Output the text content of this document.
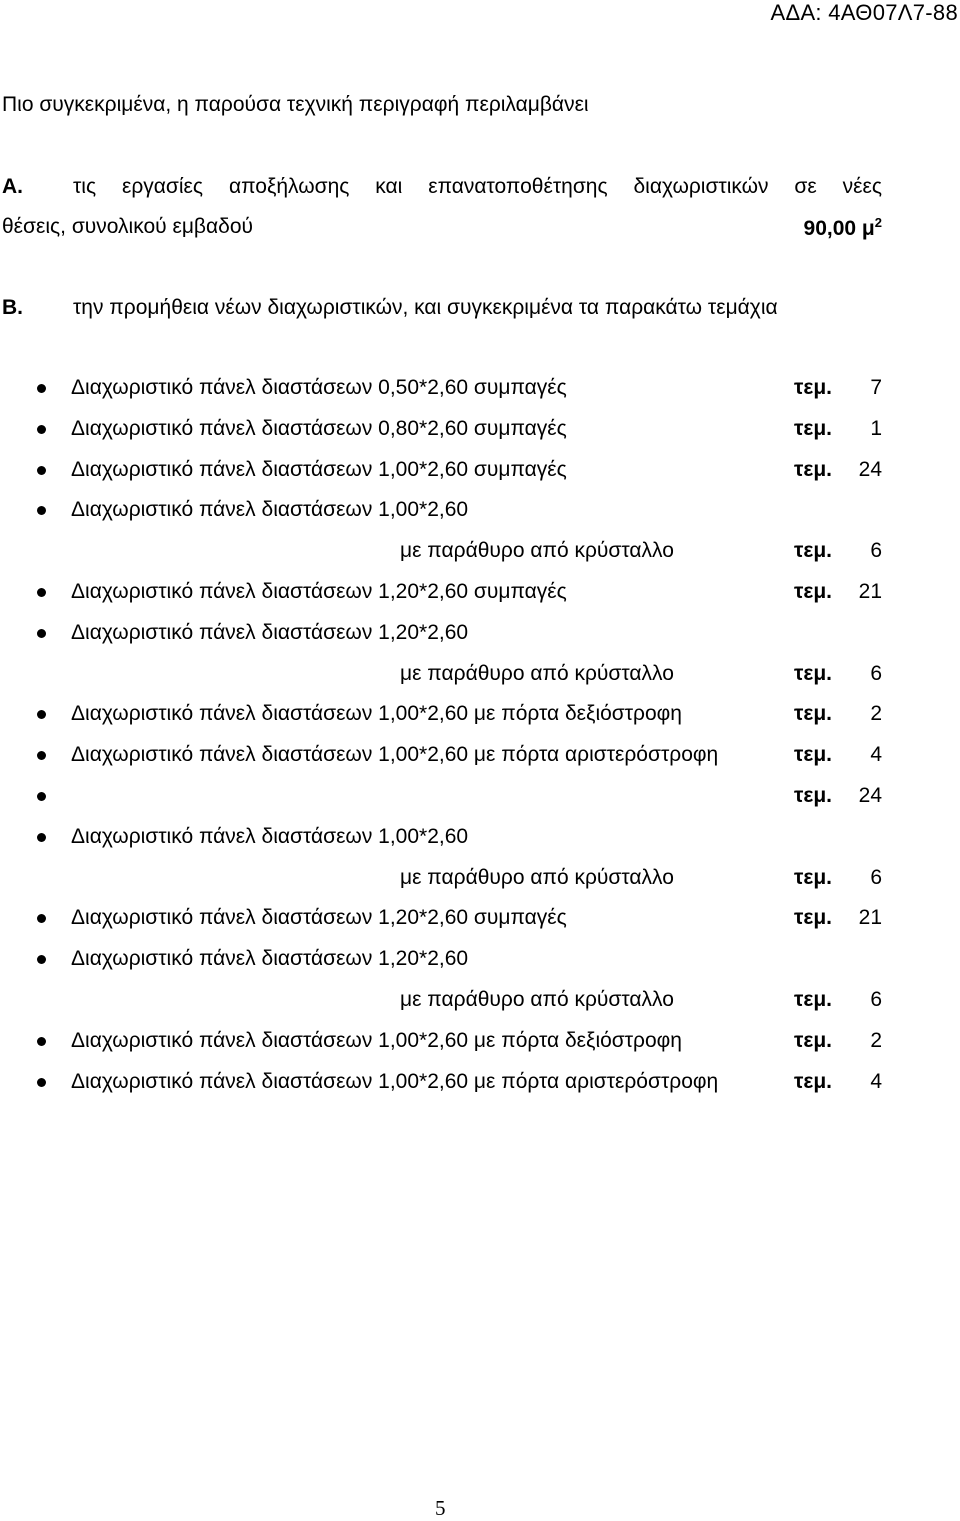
ΑΔΑ: 4ΑΘ07Λ7-88
Πιο συγκεκριμένα, η παρούσα τεχνική περιγραφή περιλαμβάνει
Α. τις εργασίες αποξήλωσης και επανατοποθέτησης διαχωριστικών σε νέες
θέσεις, συνολικού εμβαδού	90,00 $\mu^2$
Β. την προμήθεια νέων διαχωριστικών, και συγκεκριμένα τα παρακάτω τεμάχια
Διαχωριστικό πάνελ διαστάσεων 0,50*2,60 συμπαγές	τεμ. 7
Διαχωριστικό πάνελ διαστάσεων 0,80*2,60 συμπαγές	τεμ. 1
Διαχωριστικό πάνελ διαστάσεων 1,00*2,60 συμπαγές	τεμ. 24
Διαχωριστικό πάνελ διαστάσεων 1,00*2,60
με παράθυρο από κρύσταλλο	τεμ. 6
Διαχωριστικό πάνελ διαστάσεων 1,20*2,60 συμπαγές	τεμ. 21
Διαχωριστικό πάνελ διαστάσεων 1,20*2,60
με παράθυρο από κρύσταλλο	τεμ. 6
Διαχωριστικό πάνελ διαστάσεων 1,00*2,60 με πόρτα δεξιόστροφη	τεμ. 2
Διαχωριστικό πάνελ διαστάσεων 1,00*2,60 με πόρτα αριστερόστροφη	τεμ. 4
τεμ. 24
Διαχωριστικό πάνελ διαστάσεων 1,00*2,60
με παράθυρο από κρύσταλλο	τεμ. 6
Διαχωριστικό πάνελ διαστάσεων 1,20*2,60 συμπαγές	τεμ. 21
Διαχωριστικό πάνελ διαστάσεων 1,20*2,60
με παράθυρο από κρύσταλλο	τεμ. 6
Διαχωριστικό πάνελ διαστάσεων 1,00*2,60 με πόρτα δεξιόστροφη	τεμ. 2
Διαχωριστικό πάνελ διαστάσεων 1,00*2,60 με πόρτα αριστερόστροφη	τεμ. 4
5
